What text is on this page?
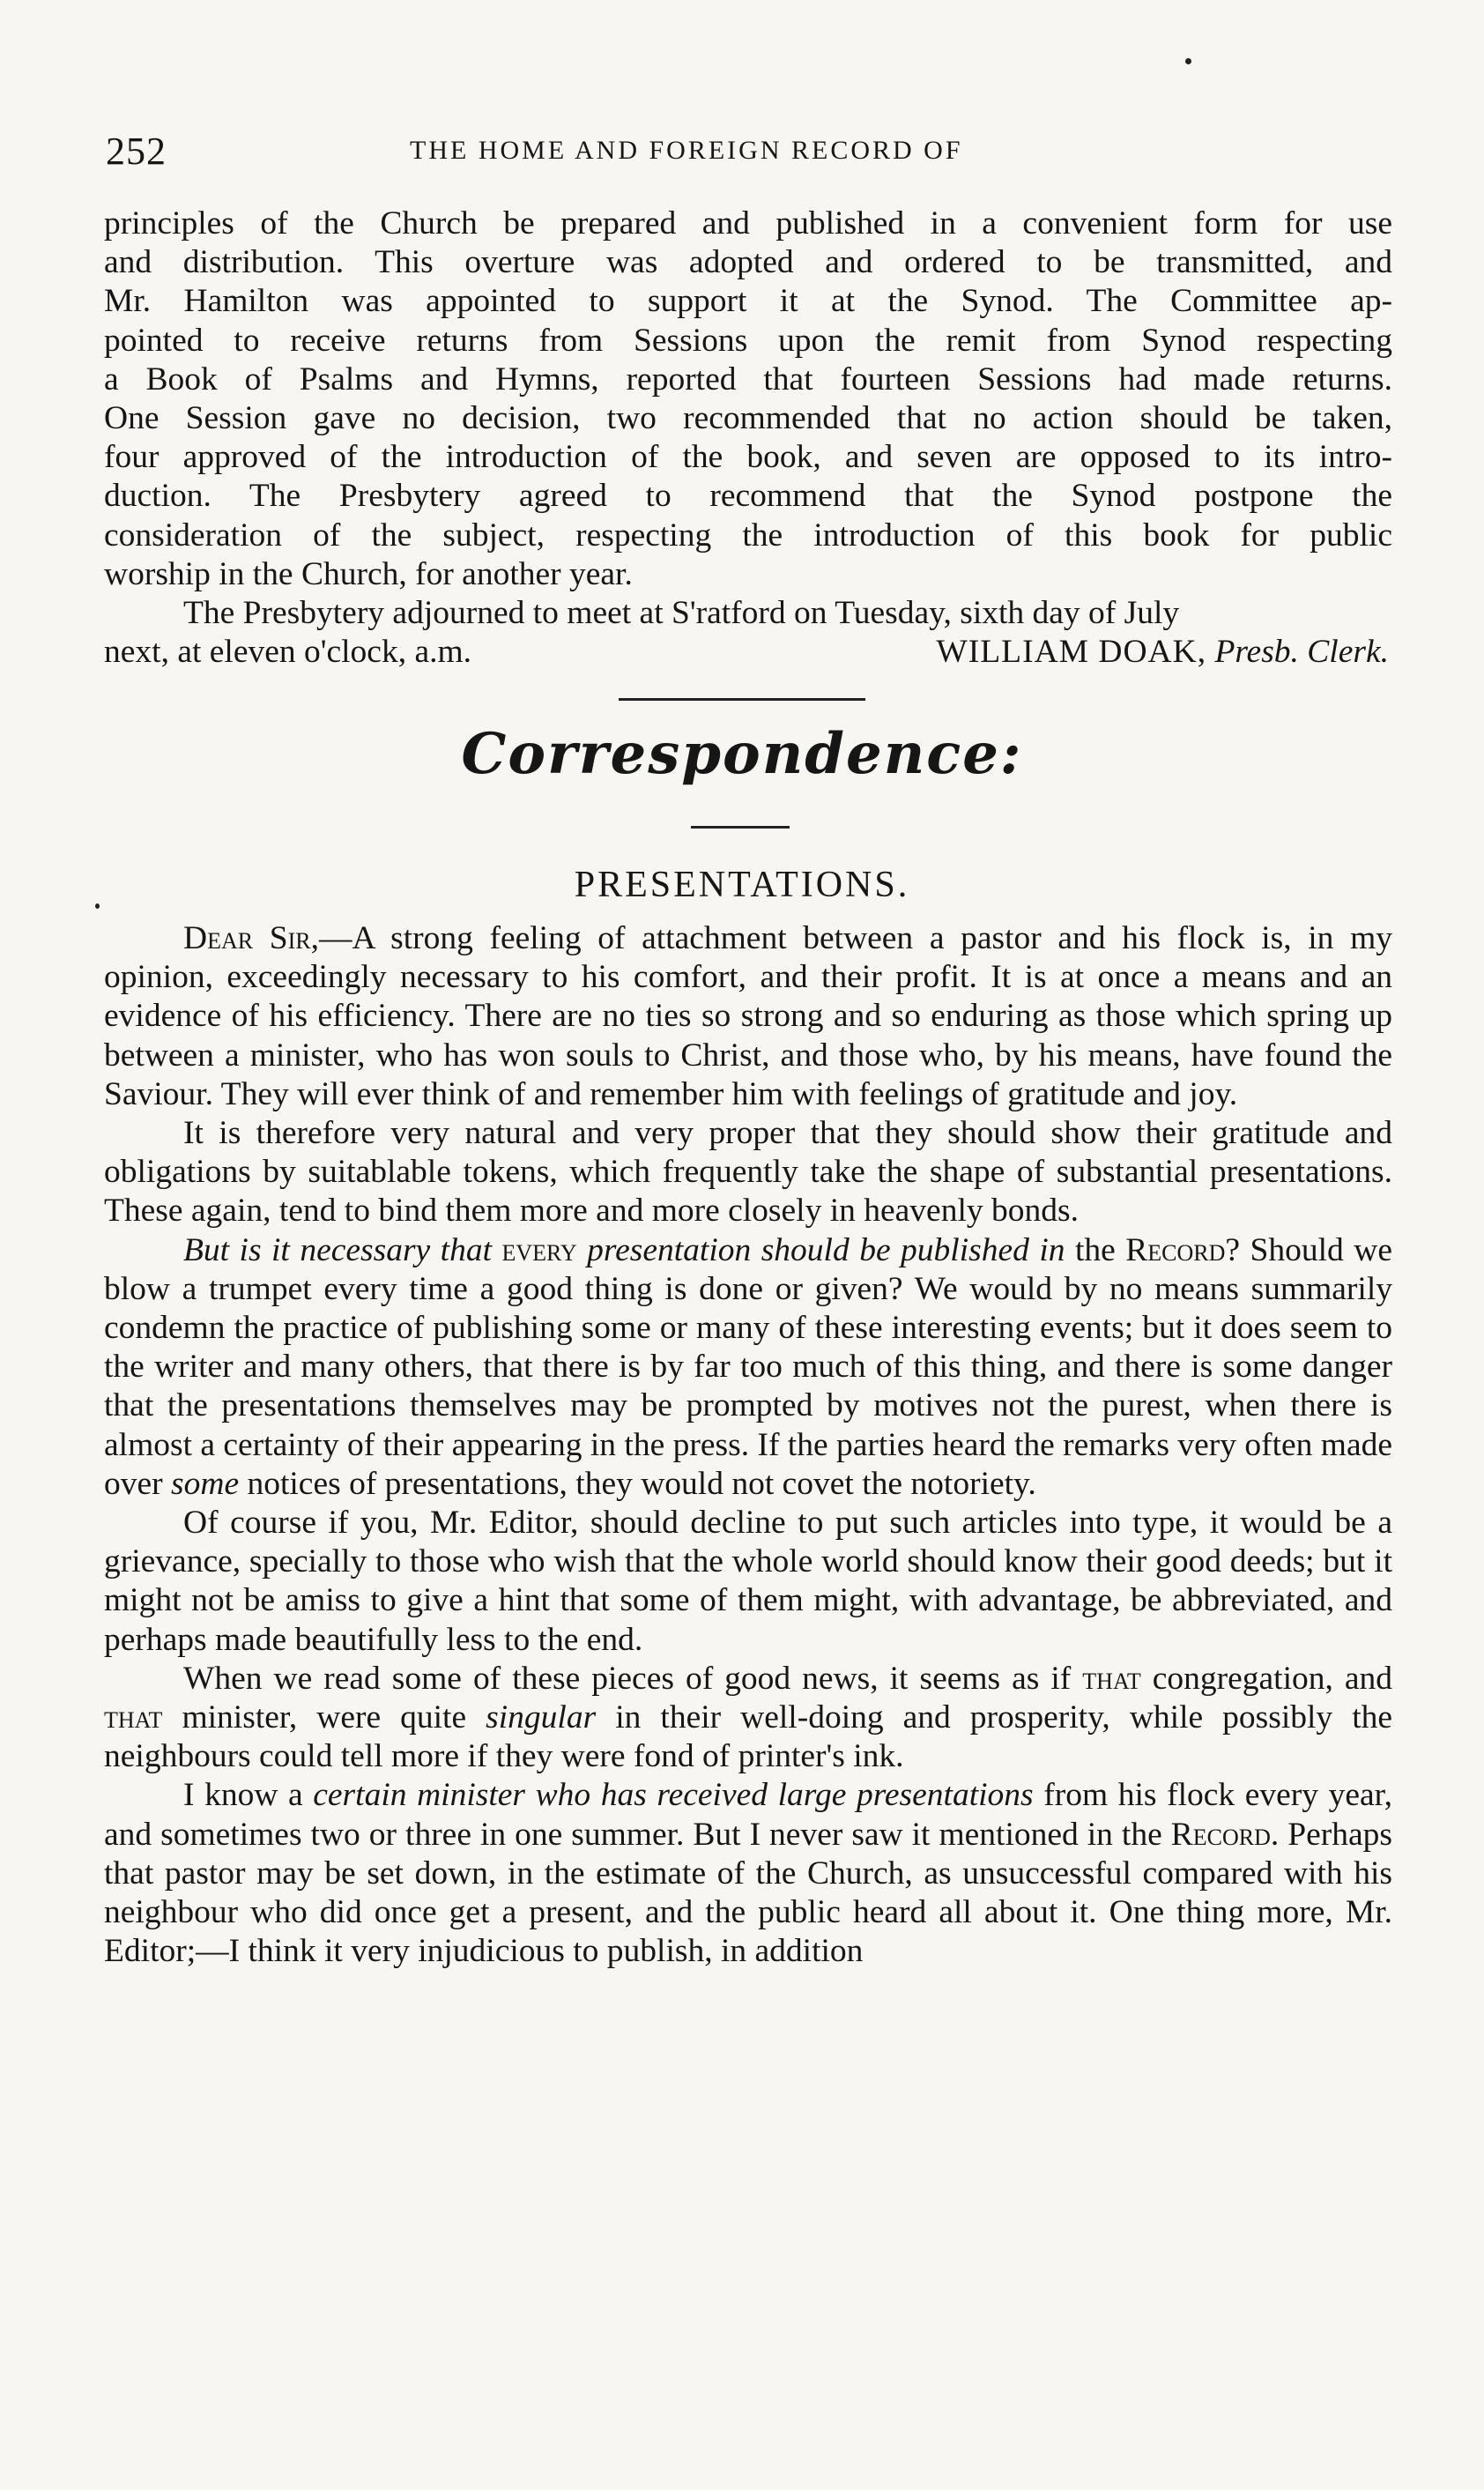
252	THE HOME AND FOREIGN RECORD OF
principles of the Church be prepared and published in a convenient form for use
and distribution. This overture was adopted and ordered to be transmitted, and
Mr. Hamilton was appointed to support it at the Synod. The Committee ap-
pointed to receive returns from Sessions upon the remit from Synod respecting
a Book of Psalms and Hymns, reported that fourteen Sessions had made returns.
One Session gave no decision, two recommended that no action should be taken,
four approved of the introduction of the book, and seven are opposed to its intro-
duction. The Presbytery agreed to recommend that the Synod postpone the
consideration of the subject, respecting the introduction of this book for public
worship in the Church, for another year.

The Presbytery adjourned to meet at S'ratford on Tuesday, sixth day of July

next, at eleven o'clock, a.m.	WILLIAM DOAK, Presb. Clerk.
Correspondence:
PRESENTATIONS.

Dear Sir,—A strong feeling of attachment between a pastor and his flock is, in my opinion, exceedingly necessary to his comfort, and their profit. It is at once a means and an evidence of his efficiency. There are no ties so strong and so enduring as those which spring up between a minister, who has won souls to Christ, and those who, by his means, have found the Saviour. They will ever think of and remember him with feelings of gratitude and joy.

It is therefore very natural and very proper that they should show their gratitude and obligations by suitablable tokens, which frequently take the shape of substantial presentations. These again, tend to bind them more and more closely in heavenly bonds.

But is it necessary that every presentation should be published in the Record? Should we blow a trumpet every time a good thing is done or given? We would by no means summarily condemn the practice of publishing some or many of these interesting events; but it does seem to the writer and many others, that there is by far too much of this thing, and there is some danger that the presentations themselves may be prompted by motives not the purest, when there is almost a certainty of their appearing in the press. If the parties heard the remarks very often made over some notices of presentations, they would not covet the notoriety.

Of course if you, Mr. Editor, should decline to put such articles into type, it would be a grievance, specially to those who wish that the whole world should know their good deeds; but it might not be amiss to give a hint that some of them might, with advantage, be abbreviated, and perhaps made beautifully less to the end.

When we read some of these pieces of good news, it seems as if that congregation, and that minister, were quite singular in their well-doing and prosperity, while possibly the neighbours could tell more if they were fond of printer's ink.

I know a certain minister who has received large presentations from his flock every year, and sometimes two or three in one summer. But I never saw it mentioned in the Record. Perhaps that pastor may be set down, in the estimate of the Church, as unsuccessful compared with his neighbour who did once get a present, and the public heard all about it. One thing more, Mr. Editor;—I think it very injudicious to publish, in addition
